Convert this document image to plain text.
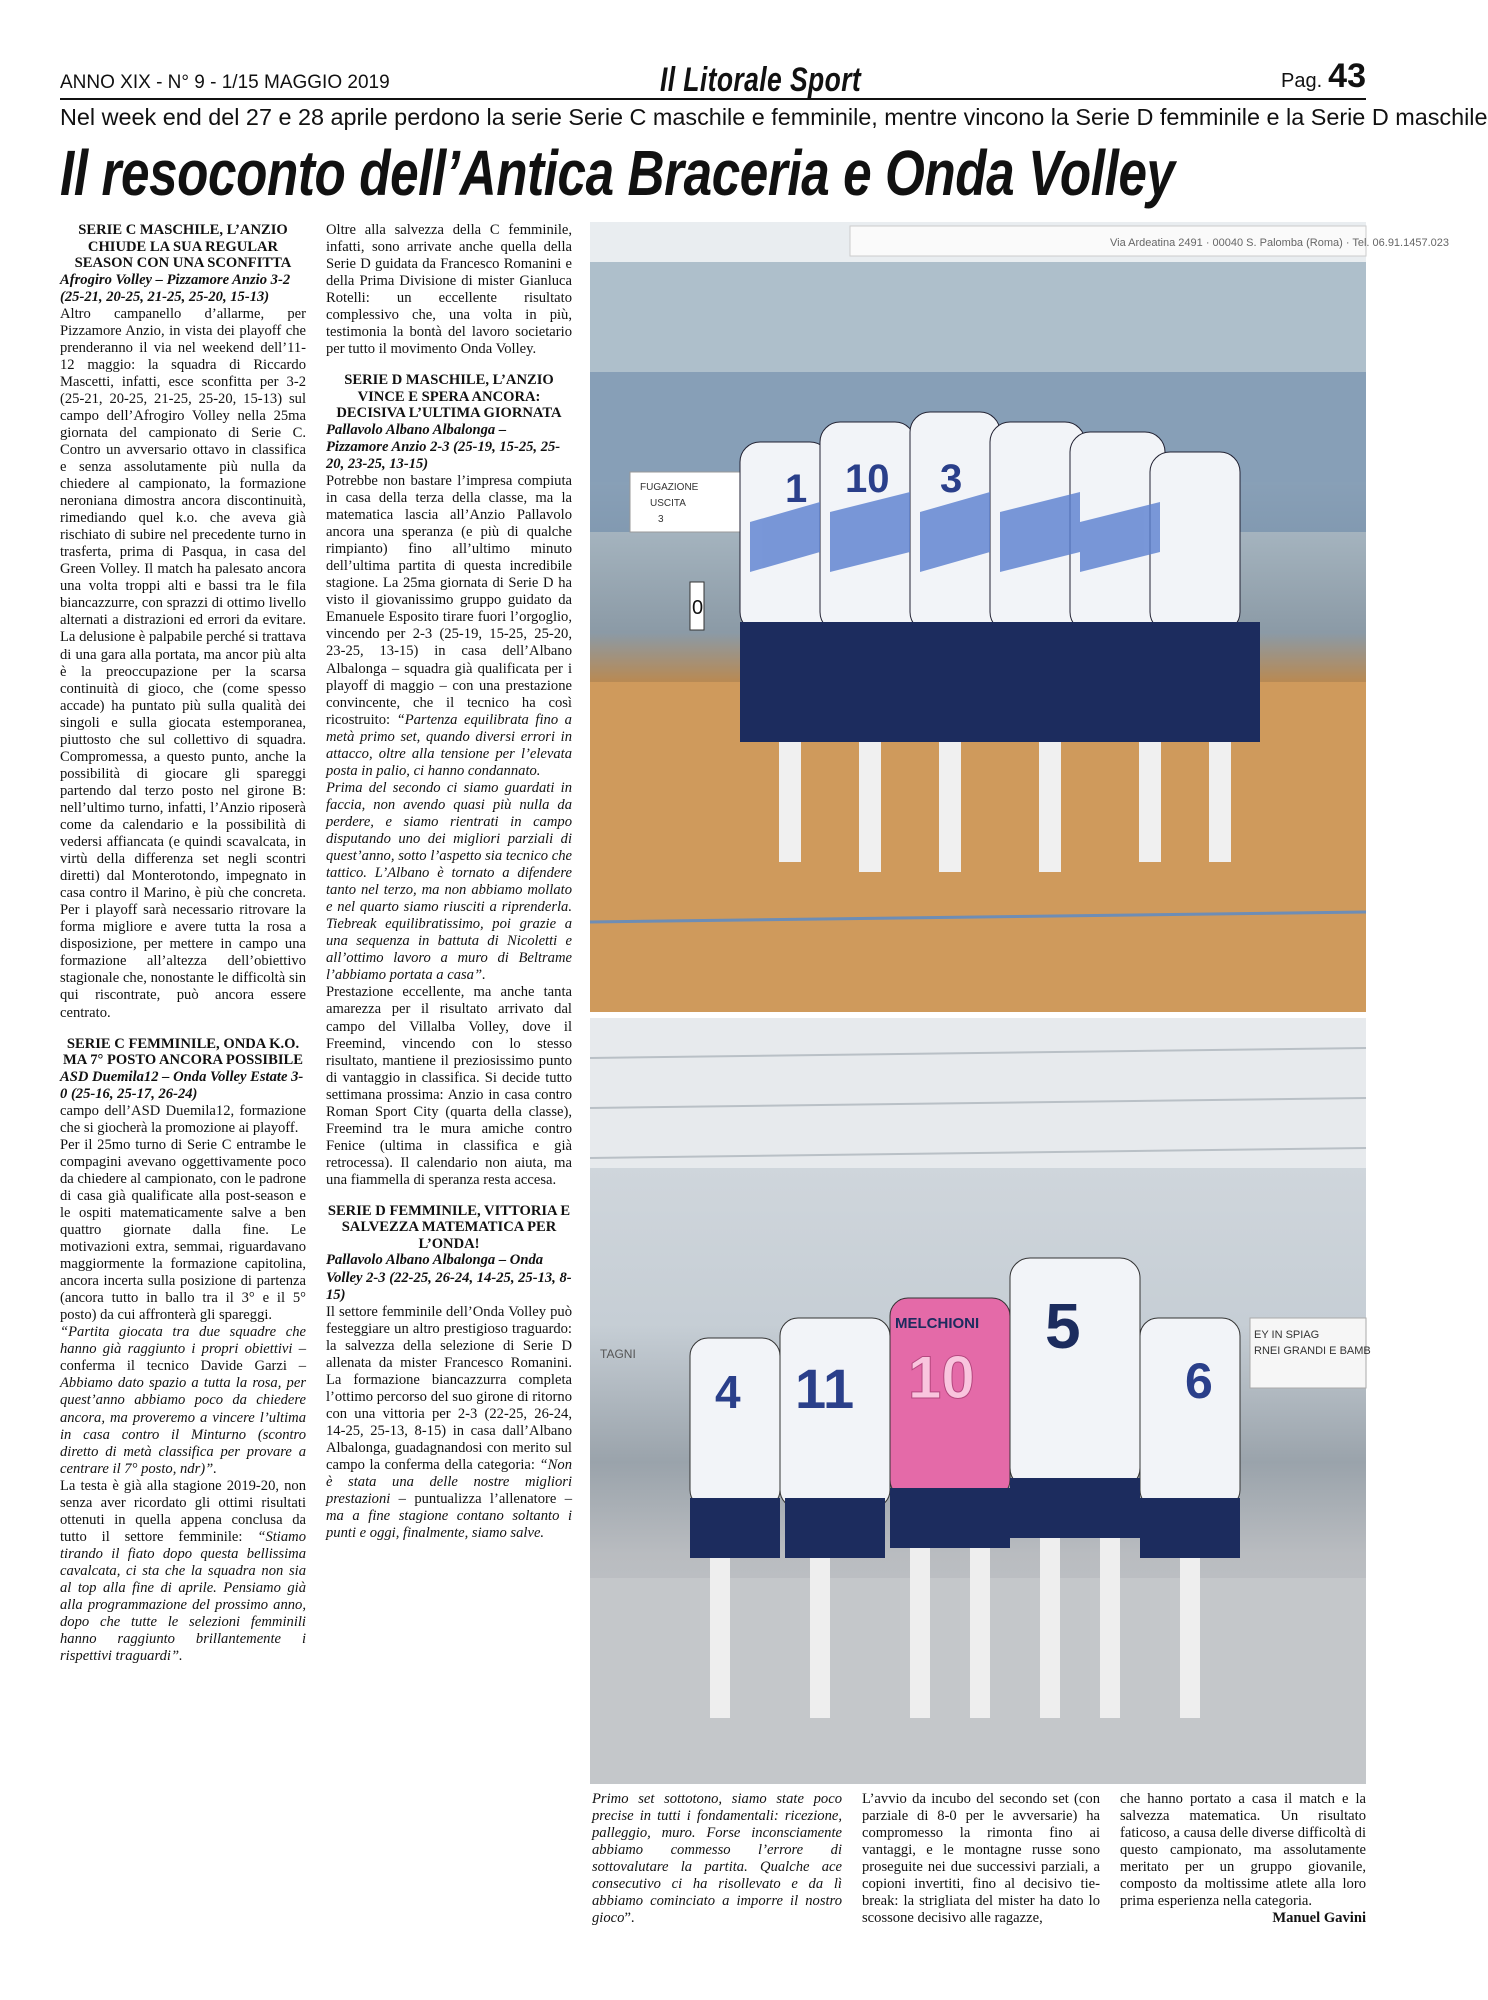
ANNO XIX - N° 9 - 1/15 MAGGIO 2019	Il Litorale Sport	Pag. 43
Nel week end del 27 e 28 aprile perdono la serie Serie C maschile e femminile, mentre vincono la Serie D femminile e la Serie D maschile
Il resoconto dell’Antica Braceria e Onda Volley

SERIE C MASCHILE, L’ANZIO CHIUDE LA SUA REGULAR SEASON CON UNA SCONFITTA

Afrogiro Volley – Pizzamore Anzio 3-2 (25-21, 20-25, 21-25, 25-20, 15-13)

Altro campanello d’allarme, per Pizzamore Anzio, in vista dei playoff che prenderanno il via nel weekend dell’11-12 maggio: la squadra di Riccardo Mascetti, infatti, esce sconfitta per 3-2 (25-21, 20-25, 21-25, 25-20, 15-13) sul campo dell’Afrogiro Volley nella 25ma giornata del campionato di Serie C. Contro un avversario ottavo in classifica e senza assolutamente più nulla da chiedere al campionato, la formazione neroniana dimostra ancora discontinuità, rimediando quel k.o. che aveva già rischiato di subire nel precedente turno in trasferta, prima di Pasqua, in casa del Green Volley. Il match ha palesato ancora una volta troppi alti e bassi tra le fila biancazzurre, con sprazzi di ottimo livello alternati a distrazioni ed errori da evitare. La delusione è palpabile perché si trattava di una gara alla portata, ma ancor più alta è la preoccupazione per la scarsa continuità di gioco, che (come spesso accade) ha puntato più sulla qualità dei singoli e sulla giocata estemporanea, piuttosto che sul collettivo di squadra. Compromessa, a questo punto, anche la possibilità di giocare gli spareggi partendo dal terzo posto nel girone B: nell’ultimo turno, infatti, l’Anzio riposerà come da calendario e la possibilità di vedersi affiancata (e quindi scavalcata, in virtù della differenza set negli scontri diretti) dal Monterotondo, impegnato in casa contro il Marino, è più che concreta. Per i playoff sarà necessario ritrovare la forma migliore e avere tutta la rosa a disposizione, per mettere in campo una formazione all’altezza dell’obiettivo stagionale che, nonostante le difficoltà sin qui riscontrate, può ancora essere centrato.

SERIE C FEMMINILE, ONDA K.O. MA 7° POSTO ANCORA POSSIBILE

ASD Duemila12 – Onda Volley Estate 3-0 (25-16, 25-17, 26-24)

campo dell’ASD Duemila12, formazione che si giocherà la promozione ai playoff.

Per il 25mo turno di Serie C entrambe le compagini avevano oggettivamente poco da chiedere al campionato, con le padrone di casa già qualificate alla post-season e le ospiti matematicamente salve a ben quattro giornate dalla fine. Le motivazioni extra, semmai, riguardavano maggiormente la formazione capitolina, ancora incerta sulla posizione di partenza (ancora tutto in ballo tra il 3° e il 5° posto) da cui affronterà gli spareggi.

“Partita giocata tra due squadre che hanno già raggiunto i propri obiettivi – conferma il tecnico Davide Garzi – Abbiamo dato spazio a tutta la rosa, per quest’anno abbiamo poco da chiedere ancora, ma proveremo a vincere l’ultima in casa contro il Minturno (scontro diretto di metà classifica per provare a centrare il 7° posto, ndr)”.

La testa è già alla stagione 2019-20, non senza aver ricordato gli ottimi risultati ottenuti in quella appena conclusa da tutto il settore femminile: “Stiamo tirando il fiato dopo questa bellissima cavalcata, ci sta che la squadra non sia al top alla fine di aprile. Pensiamo già alla programmazione del prossimo anno, dopo che tutte le selezioni femminili hanno raggiunto brillantemente i rispettivi traguardi”.

Oltre alla salvezza della C femminile, infatti, sono arrivate anche quella della Serie D guidata da Francesco Romanini e della Prima Divisione di mister Gianluca Rotelli: un eccellente risultato complessivo che, una volta in più, testimonia la bontà del lavoro societario per tutto il movimento Onda Volley.

SERIE D MASCHILE, L’ANZIO VINCE E SPERA ANCORA: DECISIVA L’ULTIMA GIORNATA

Pallavolo Albano Albalonga – Pizzamore Anzio 2-3 (25-19, 15-25, 25-20, 23-25, 13-15)

Potrebbe non bastare l’impresa compiuta in casa della terza della classe, ma la matematica lascia all’Anzio Pallavolo ancora una speranza (e più di qualche rimpianto) fino all’ultimo minuto dell’ultima partita di questa incredibile stagione. La 25ma giornata di Serie D ha visto il giovanissimo gruppo guidato da Emanuele Esposito tirare fuori l’orgoglio, vincendo per 2-3 (25-19, 15-25, 25-20, 23-25, 13-15) in casa dell’Albano Albalonga – squadra già qualificata per i playoff di maggio – con una prestazione convincente, che il tecnico ha così ricostruito: “Partenza equilibrata fino a metà primo set, quando diversi errori in attacco, oltre alla tensione per l’elevata posta in palio, ci hanno condannato.

Prima del secondo ci siamo guardati in faccia, non avendo quasi più nulla da perdere, e siamo rientrati in campo disputando uno dei migliori parziali di quest’anno, sotto l’aspetto sia tecnico che tattico. L’Albano è tornato a difendere tanto nel terzo, ma non abbiamo mollato e nel quarto siamo riusciti a riprenderla. Tiebreak equilibratissimo, poi grazie a una sequenza in battuta di Nicoletti e all’ottimo lavoro a muro di Beltrame l’abbiamo portata a casa”.

Prestazione eccellente, ma anche tanta amarezza per il risultato arrivato dal campo del Villalba Volley, dove il Freemind, vincendo con lo stesso risultato, mantiene il preziosissimo punto di vantaggio in classifica. Si decide tutto settimana prossima: Anzio in casa contro Roman Sport City (quarta della classe), Freemind tra le mura amiche contro Fenice (ultima in classifica e già retrocessa). Il calendario non aiuta, ma una fiammella di speranza resta accesa.

SERIE D FEMMINILE, VITTORIA E SALVEZZA MATEMATICA PER L’ONDA!

Pallavolo Albano Albalonga – Onda Volley 2-3 (22-25, 26-24, 14-25, 25-13, 8-15)

Il settore femminile dell’Onda Volley può festeggiare un altro prestigioso traguardo: la salvezza della selezione di Serie D allenata da mister Francesco Romanini. La formazione biancazzurra completa l’ottimo percorso del suo girone di ritorno con una vittoria per 2-3 (22-25, 26-24, 14-25, 25-13, 8-15) in casa dall’Albano Albalonga, guadagnandosi con merito sul campo la conferma della categoria: “Non è stata una delle nostre migliori prestazioni – puntualizza l’allenatore – ma a fine stagione contano soltanto i punti e oggi, finalmente, siamo salve.

Primo set sottotono, siamo state poco precise in tutti i fondamentali: ricezione, palleggio, muro. Forse inconsciamente abbiamo commesso l’errore di sottovalutare la partita. Qualche ace consecutivo ci ha risollevato e da lì abbiamo cominciato a imporre il nostro gioco”.

L’avvio da incubo del secondo set (con parziale di 8-0 per le avversarie) ha compromesso la rimonta fino ai vantaggi, e le montagne russe sono proseguite nei due successivi parziali, a copioni invertiti, fino al decisivo tie-break: la strigliata del mister ha dato lo scossone decisivo alle ragazze,

che hanno portato a casa il match e la salvezza matematica. Un risultato faticoso, a causa delle diverse difficoltà di questo campionato, ma assolutamente meritato per un gruppo giovanile, composto da moltissime atlete alla loro prima esperienza nella categoria.

Manuel Gavini

Via Ardeatina 2491 · 00040 S. Palomba (Roma) · Tel. 06.91.1457.023
FUGAZIONE
USCITA
3
1 10 3
0
EY IN SPIAG
RNEI GRANDI E BAMB
TAGNI
MELCHIONI
10
11
5
6
4
